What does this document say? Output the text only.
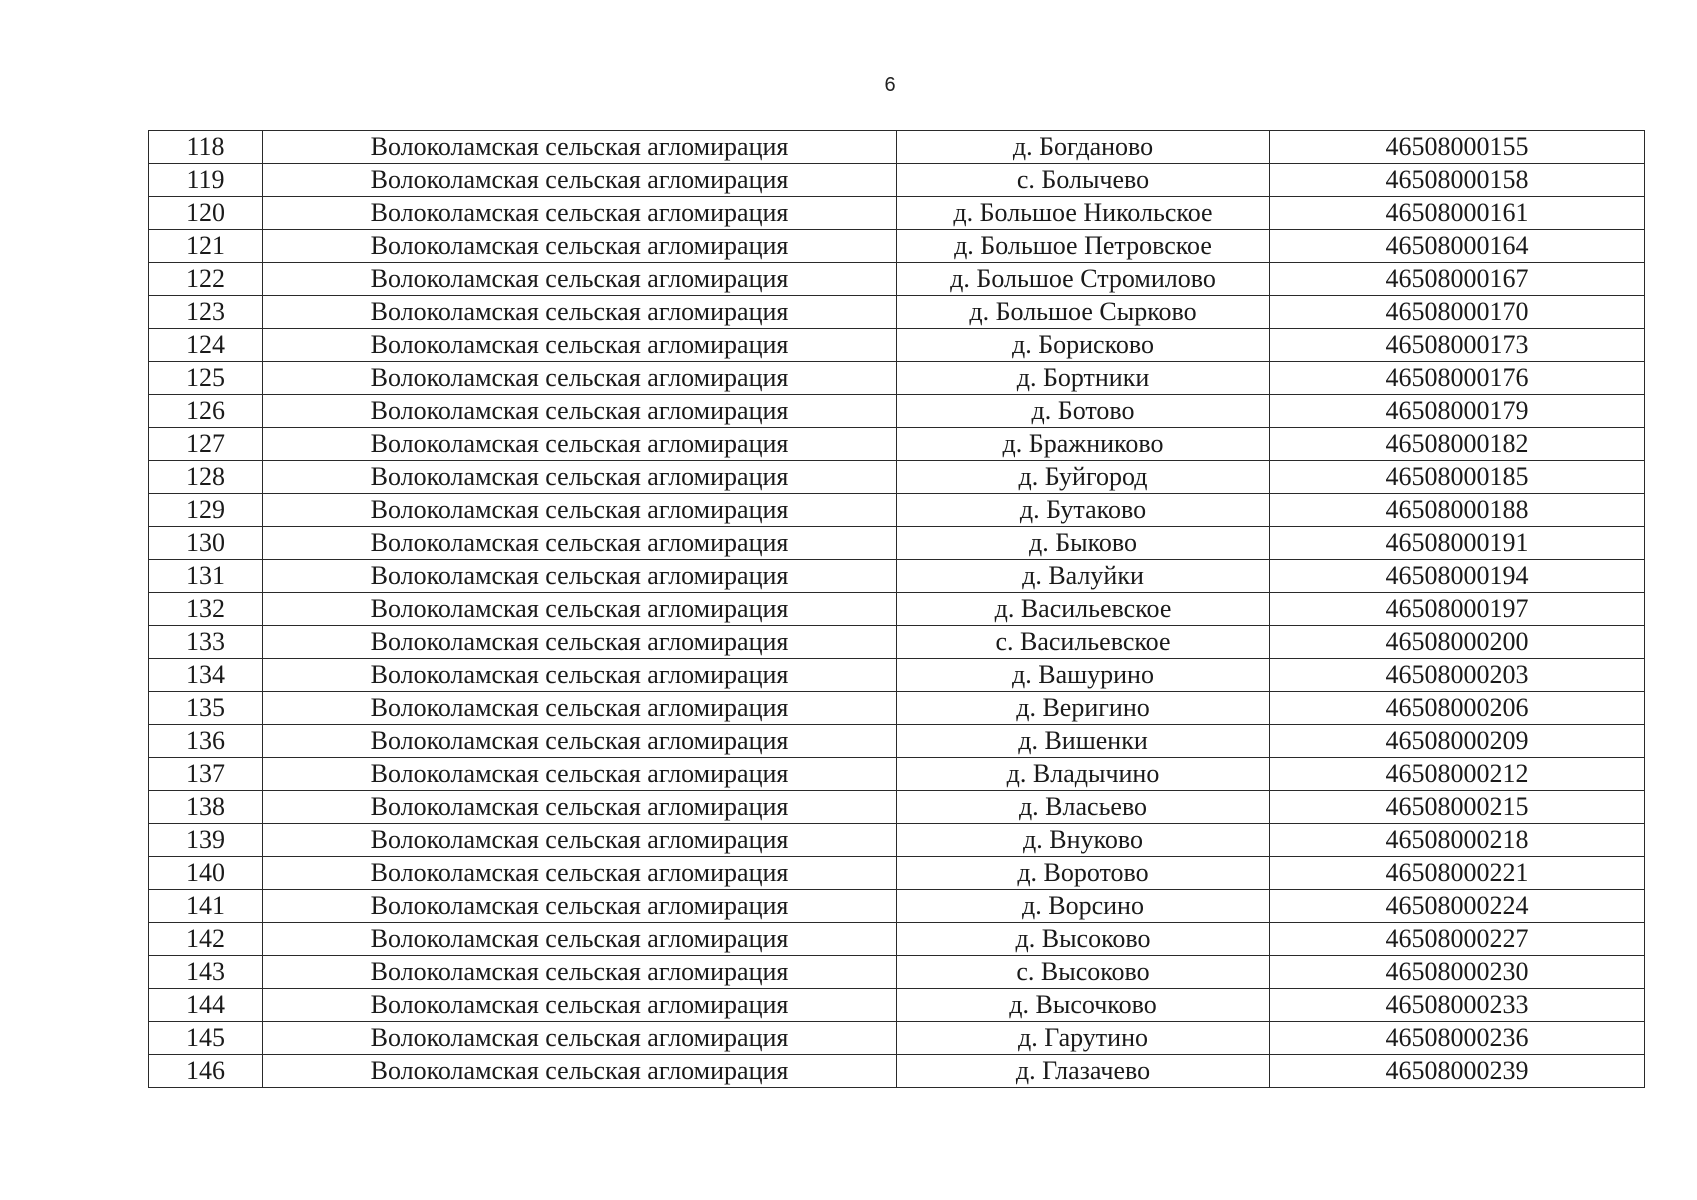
6
118	Волоколамская сельская агломирация	д. Богданово	46508000155
119	Волоколамская сельская агломирация	с. Болычево	46508000158
120	Волоколамская сельская агломирация	д. Большое Никольское	46508000161
121	Волоколамская сельская агломирация	д. Большое Петровское	46508000164
122	Волоколамская сельская агломирация	д. Большое Стромилово	46508000167
123	Волоколамская сельская агломирация	д. Большое Сырково	46508000170
124	Волоколамская сельская агломирация	д. Борисково	46508000173
125	Волоколамская сельская агломирация	д. Бортники	46508000176
126	Волоколамская сельская агломирация	д. Ботово	46508000179
127	Волоколамская сельская агломирация	д. Бражниково	46508000182
128	Волоколамская сельская агломирация	д. Буйгород	46508000185
129	Волоколамская сельская агломирация	д. Бутаково	46508000188
130	Волоколамская сельская агломирация	д. Быково	46508000191
131	Волоколамская сельская агломирация	д. Валуйки	46508000194
132	Волоколамская сельская агломирация	д. Васильевское	46508000197
133	Волоколамская сельская агломирация	с. Васильевское	46508000200
134	Волоколамская сельская агломирация	д. Вашурино	46508000203
135	Волоколамская сельская агломирация	д. Веригино	46508000206
136	Волоколамская сельская агломирация	д. Вишенки	46508000209
137	Волоколамская сельская агломирация	д. Владычино	46508000212
138	Волоколамская сельская агломирация	д. Власьево	46508000215
139	Волоколамская сельская агломирация	д. Внуково	46508000218
140	Волоколамская сельская агломирация	д. Воротово	46508000221
141	Волоколамская сельская агломирация	д. Ворсино	46508000224
142	Волоколамская сельская агломирация	д. Высоково	46508000227
143	Волоколамская сельская агломирация	с. Высоково	46508000230
144	Волоколамская сельская агломирация	д. Высочково	46508000233
145	Волоколамская сельская агломирация	д. Гарутино	46508000236
146	Волоколамская сельская агломирация	д. Глазачево	46508000239
